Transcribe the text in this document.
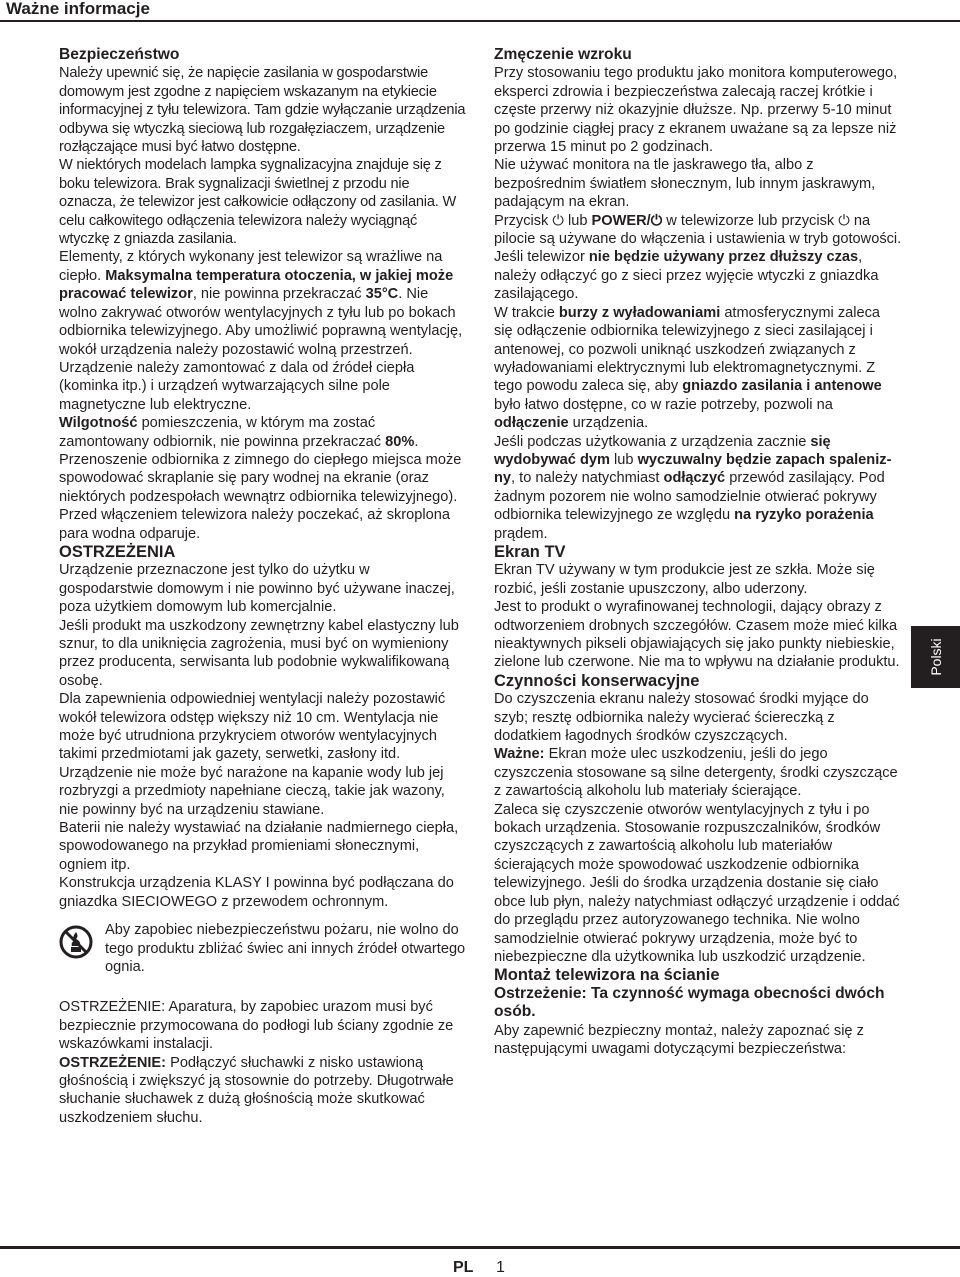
Ważne informacje

Bezpieczeństwo

Należy upewnić się, że napięcie zasilania w gospodarstwie domowym jest zgodne z napięciem wskazanym na etykiecie informacyjnej z tyłu telewizora. Tam gdzie wyłączanie urządzenia odbywa się wtyczką sieciową lub rozgałęziaczem, urządzenie rozłączające musi być łatwo dostępne.

W niektórych modelach lampka sygnalizacyjna znajduje się z boku telewizora. Brak sygnalizacji świetlnej z przodu nie oznacza, że telewizor jest całkowicie odłączony od zasilania. W celu całkowitego odłączenia telewizora należy wyciągnąć wtyczkę z gniazda zasilania.

Elementy, z których wykonany jest telewizor są wrażliwe na ciepło. Maksymalna temperatura otoczenia, w jakiej może pracować telewizor, nie powinna przekraczać 35°C. Nie wolno zakrywać otworów wentylacyjnych z tyłu lub po bokach odbiornika telewizyjnego. Aby umożliwić poprawną wentylację, wokół urządzenia należy pozostawić wolną przestrzeń. Urządzenie należy zamontować z dala od źródeł ciepła (kominka itp.) i urządzeń wytwarzających silne pole magnetyczne lub elektryczne.

Wilgotność pomieszczenia, w którym ma zostać zamontowany odbiornik, nie powinna przekraczać 80%. Przenoszenie odbiornika z zimnego do ciepłego miejsca może spowodować skraplanie się pary wodnej na ekranie (oraz niektórych podzespołach wewnątrz odbiornika telewizyjnego). Przed włączeniem telewizora należy poczekać, aż skroplona para wodna odparuje.

OSTRZEŻENIA

Urządzenie przeznaczone jest tylko do użytku w gospodarstwie domowym i nie powinno być używane inaczej, poza użytkiem domowym lub komercjalnie.

Jeśli produkt ma uszkodzony zewnętrzny kabel elastyczny lub sznur, to dla uniknięcia zagrożenia, musi być on wymieniony przez producenta, serwisanta lub podobnie wykwalifikowaną osobę.

Dla zapewnienia odpowiedniej wentylacji należy pozostawić wokół telewizora odstęp większy niż 10 cm. Wentylacja nie może być utrudniona przykryciem otworów wentylacyjnych takimi przedmiotami jak gazety, serwetki, zasłony itd.

Urządzenie nie może być narażone na kapanie wody lub jej rozbryzgi a przedmioty napełniane cieczą, takie jak wazony, nie powinny być na urządzeniu stawiane.

Baterii nie należy wystawiać na działanie nadmiernego ciepła, spowodowanego na przykład promieniami słonecznymi, ogniem itp.

Konstrukcja urządzenia KLASY I powinna być podłączana do gniazdka SIECIOWEGO z przewodem ochronnym.

Aby zapobiec niebezpieczeństwu pożaru, nie wolno do tego produktu zbliżać świec ani innych źródeł otwartego ognia.

OSTRZEŻENIE: Aparatura, by zapobiec urazom musi być bezpiecznie przymocowana do podłogi lub ściany zgodnie ze wskazówkami instalacji.

OSTRZEŻENIE: Podłączyć słuchawki z nisko ustawioną głośnością i zwiększyć ją stosownie do potrzeby. Długotrwałe słuchanie słuchawek z dużą głośnością może skutkować uszkodzeniem słuchu.

Zmęczenie wzroku

Przy stosowaniu tego produktu jako monitora komputerowego, eksperci zdrowia i bezpieczeństwa zalecają raczej krótkie i częste przerwy niż okazyjnie dłuższe. Np. przerwy 5-10 minut po godzinie ciągłej pracy z ekranem uważane są za lepsze niż przerwa 15 minut po 2 godzinach.

Nie używać monitora na tle jaskrawego tła, albo z bezpośrednim światłem słonecznym, lub innym jaskrawym, padającym na ekran.

Przycisk ⏻ lub POWER/⏻ w telewizorze lub przycisk ⏻ na pilocie są używane do włączenia i ustawienia w tryb gotowości. Jeśli telewizor nie będzie używany przez dłuższy czas, należy odłączyć go z sieci przez wyjęcie wtyczki z gniazdka zasilającego.

W trakcie burzy z wyładowaniami atmosferycznymi zaleca się odłączenie odbiornika telewizyjnego z sieci zasilającej i antenowej, co pozwoli uniknąć uszkodzeń związanych z wyładowaniami elektrycznymi lub elektromagnetycznymi. Z tego powodu zaleca się, aby gniazdo zasilania i antenowe było łatwo dostępne, co w razie potrzeby, pozwoli na odłączenie urządzenia.

Jeśli podczas użytkowania z urządzenia zacznie się wydobywać dym lub wyczuwalny będzie zapach spalenizny, to należy natychmiast odłączyć przewód zasilający. Pod żadnym pozorem nie wolno samodzielnie otwierać pokrywy odbiornika telewizyjnego ze względu na ryzyko porażenia prądem.

Ekran TV

Ekran TV używany w tym produkcie jest ze szkła. Może się rozbić, jeśli zostanie upuszczony, albo uderzony.

Jest to produkt o wyrafinowanej technologii, dający obrazy z odtworzeniem drobnych szczegółów. Czasem może mieć kilka nieaktywnych pikseli objawiających się jako punkty niebieskie, zielone lub czerwone. Nie ma to wpływu na działanie produktu.

Czynności konserwacyjne

Do czyszczenia ekranu należy stosować środki myjące do szyb; resztę odbiornika należy wycierać ściereczką z dodatkiem łagodnych środków czyszczących.

Ważne: Ekran może ulec uszkodzeniu, jeśli do jego czyszczenia stosowane są silne detergenty, środki czyszczące z zawartością alkoholu lub materiały ścierające.

Zaleca się czyszczenie otworów wentylacyjnych z tyłu i po bokach urządzenia. Stosowanie rozpuszczalników, środków czyszczących z zawartością alkoholu lub materiałów ścierających może spowodować uszkodzenie odbiornika telewizyjnego. Jeśli do środka urządzenia dostanie się ciało obce lub płyn, należy natychmiast odłączyć urządzenie i oddać do przeglądu przez autoryzowanego technika. Nie wolno samodzielnie otwierać pokrywy urządzenia, może być to niebezpieczne dla użytkownika lub uszkodzić urządzenie.

Montaż telewizora na ścianie

Ostrzeżenie: Ta czynność wymaga obecności dwóch osób.

Aby zapewnić bezpieczny montaż, należy zapoznać się z następującymi uwagami dotyczącymi bezpieczeństwa:

Polski
PL 1
